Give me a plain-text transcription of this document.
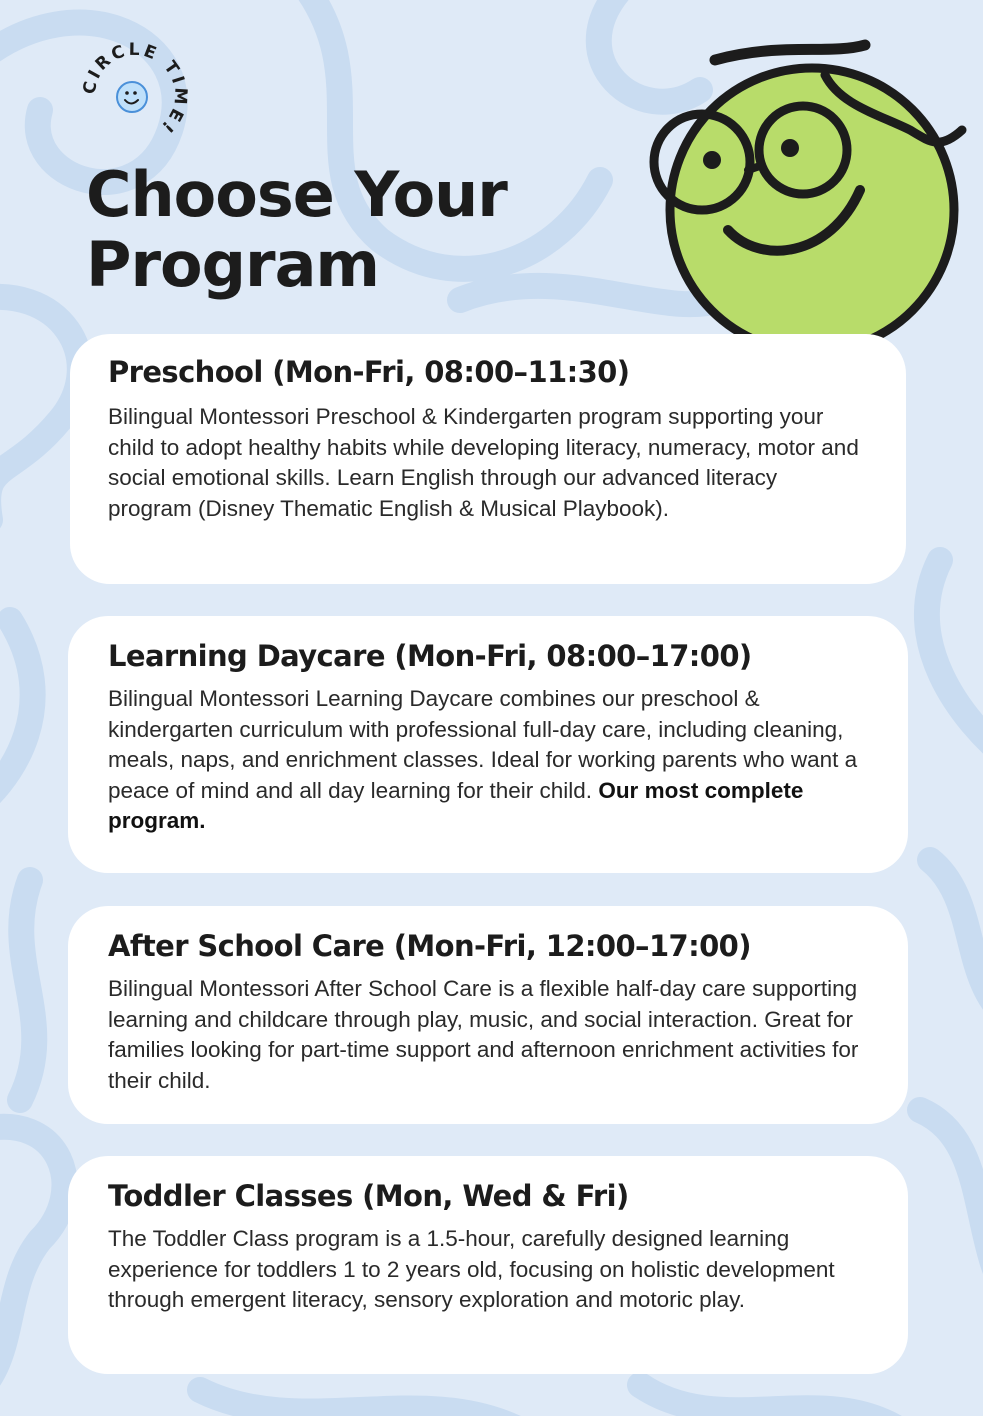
CIRCLE TIME!
Choose Your Program
Preschool (Mon-Fri, 08:00–11:30)

Bilingual Montessori Preschool & Kindergarten program supporting your child to adopt healthy habits while developing literacy, numeracy, motor and social emotional skills. Learn English through our advanced literacy program (Disney Thematic English & Musical Playbook).

Learning Daycare (Mon-Fri, 08:00–17:00)

Bilingual Montessori Learning Daycare combines our preschool & kindergarten curriculum with professional full-day care, including cleaning, meals, naps, and enrichment classes. Ideal for working parents who want a peace of mind and all day learning for their child. Our most complete program.

After School Care (Mon-Fri, 12:00–17:00)

Bilingual Montessori After School Care is a flexible half-day care supporting learning and childcare through play, music, and social interaction. Great for families looking for part-time support and afternoon enrichment activities for their child.

Toddler Classes (Mon, Wed & Fri)

The Toddler Class program is a 1.5-hour, carefully designed learning experience for toddlers 1 to 2 years old, focusing on holistic development through emergent literacy, sensory exploration and motoric play.
